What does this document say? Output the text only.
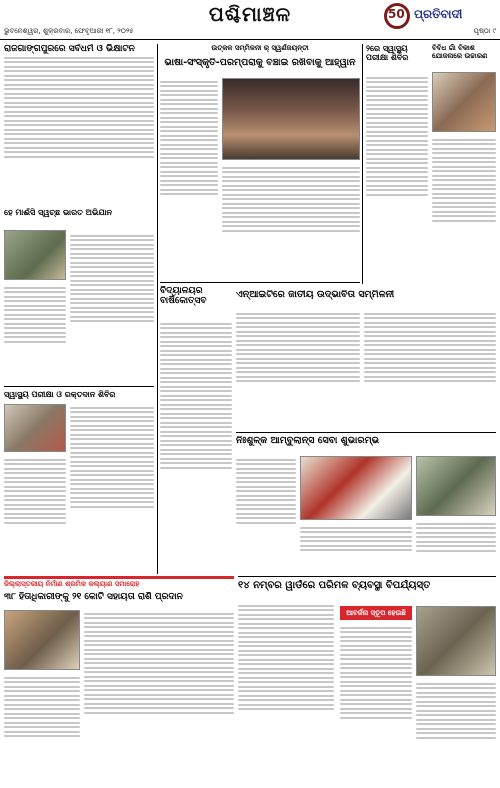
ପଶ୍ଚିମାଞ୍ଚଳ	50 ପ୍ରତିବାଦୀ
ଭୁବନେଶ୍ୱର, ଶୁକ୍ରବାର, ଫେବୃଆରୀ ୧୮, ୨୦୨୫	ପୃଷ୍ଠା ୯
ରାଜଗାଙ୍ଗପୁରରେ ସର୍ବଧର୍ମ ଓ ଭିକ୍ଷାଟନ
ହେ ମାଈଁସି ସ୍ୱଚ୍ଛ ଭାରତ ଅଭିଯାନ
ସ୍ୱାସ୍ଥ୍ୟ ପରୀକ୍ଷା ଓ ରକ୍ତଦାନ ଶିବିର
ଜିଲ୍ଲାସ୍ତରୀୟ ନିର୍ମାଣ ଶ୍ରମିକ କଲ୍ୟାଣ ସମାରୋହ
୩୮ ହିତାଧିକାରୀଙ୍କୁ ୨୧ କୋଟି ସହାୟତା ରାଶି ପ୍ରଦାନ
ଉତ୍କଳ ସମ୍ମିଳନୀ ର୍ ସ୍ୱର୍ଣଜୟନ୍ତୀ
ଭାଷା-ସଂସ୍କୃତି-ପରମ୍ପରାକୁ ବଞ୍ଚାଇ ରଖିବାକୁ ଆହ୍ୱାନ
ବିଦ୍ୟାଳୟର ବାର୍ଷିକୋତ୍ସବ
ଏନ୍‌ଆଇଟିରେ ଜାତୀୟ ଉଦ୍ଭାବିତା ସମ୍ମିଳନୀ
ନିଃଶୁଳ୍କ ଆମ୍ବୁଲାନ୍ସ ସେବା ଶୁଭାରମ୍ଭ
୨ରେ ସ୍ୱାସ୍ଥ୍ୟ ପରୀକ୍ଷା ଶିବିର
ବିବିଧ ଗାଁ ବିକାଶ ଯୋଜନାରେ ଉଚ୍ଚାରଣ
୧୪ ନମ୍ବର ୱାର୍ଡରେ ପରିମଳ ବ୍ୟବସ୍ଥା ବିପର୍ଯ୍ୟସ୍ତ
ଆବର୍ଜନା ସ୍ତୂପ ହେଉଛି
